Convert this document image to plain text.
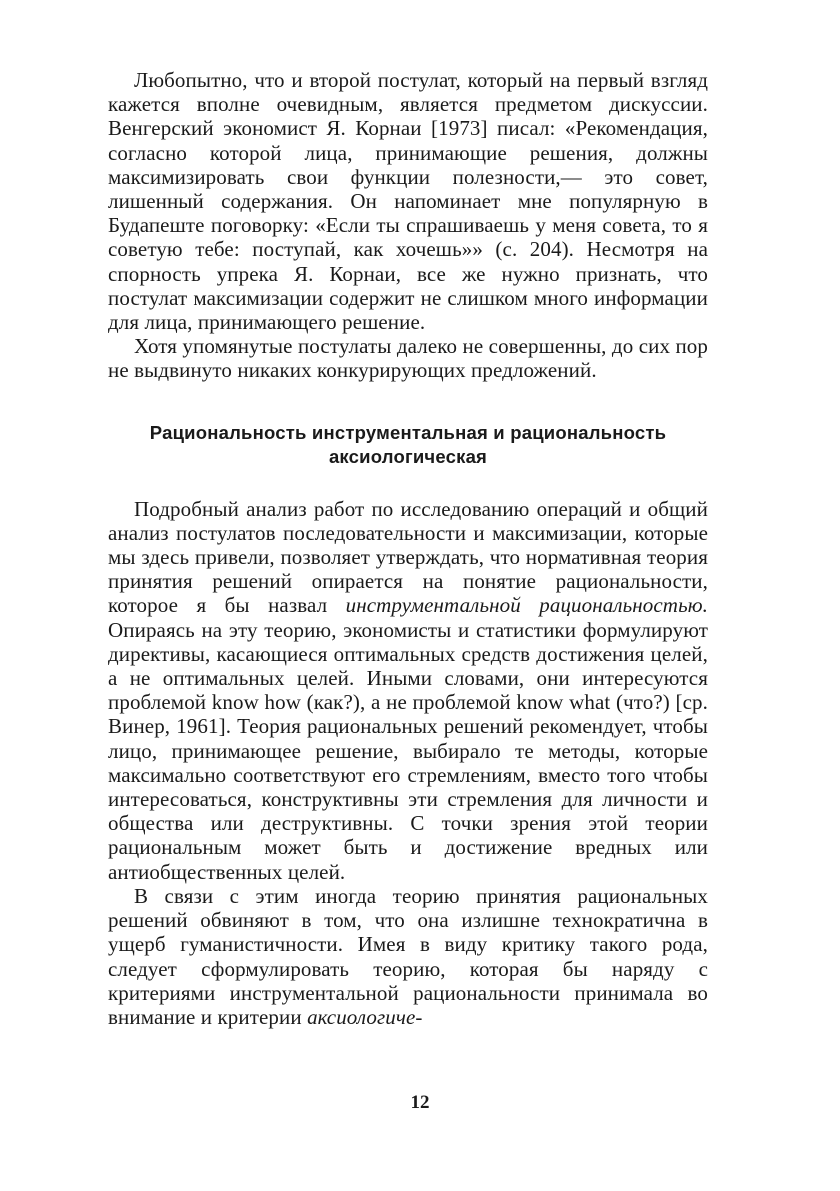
Любопытно, что и второй постулат, который на первый взгляд кажется вполне очевидным, является предметом дискуссии. Венгерский экономист Я. Корнаи [1973] писал: «Рекомендация, согласно которой лица, принимающие решения, должны максимизировать свои функции полезности,— это совет, лишенный содержания. Он напоминает мне популярную в Будапеште поговорку: «Если ты спрашиваешь у меня совета, то я советую тебе: поступай, как хочешь»» (с. 204). Несмотря на спорность упрека Я. Корнаи, все же нужно признать, что постулат максимизации содержит не слишком много информации для лица, принимающего решение.

Хотя упомянутые постулаты далеко не совершенны, до сих пор не выдвинуто никаких конкурирующих предложений.

Рациональность инструментальная и рациональность аксиологическая

Подробный анализ работ по исследованию операций и общий анализ постулатов последовательности и максимизации, которые мы здесь привели, позволяет утверждать, что нормативная теория принятия решений опирается на понятие рациональности, которое я бы назвал инструментальной рациональностью. Опираясь на эту теорию, экономисты и статистики формулируют директивы, касающиеся оптимальных средств достижения целей, а не оптимальных целей. Иными словами, они интересуются проблемой know how (как?), а не проблемой know what (что?) [ср. Винер, 1961]. Теория рациональных решений рекомендует, чтобы лицо, принимающее решение, выбирало те методы, которые максимально соответствуют его стремлениям, вместо того чтобы интересоваться, конструктивны эти стремления для личности и общества или деструктивны. С точки зрения этой теории рациональным может быть и достижение вредных или антиобщественных целей.

В связи с этим иногда теорию принятия рациональных решений обвиняют в том, что она излишне технократична в ущерб гуманистичности. Имея в виду критику такого рода, следует сформулировать теорию, которая бы наряду с критериями инструментальной рациональности принимала во внимание и критерии аксиологиче-

12
